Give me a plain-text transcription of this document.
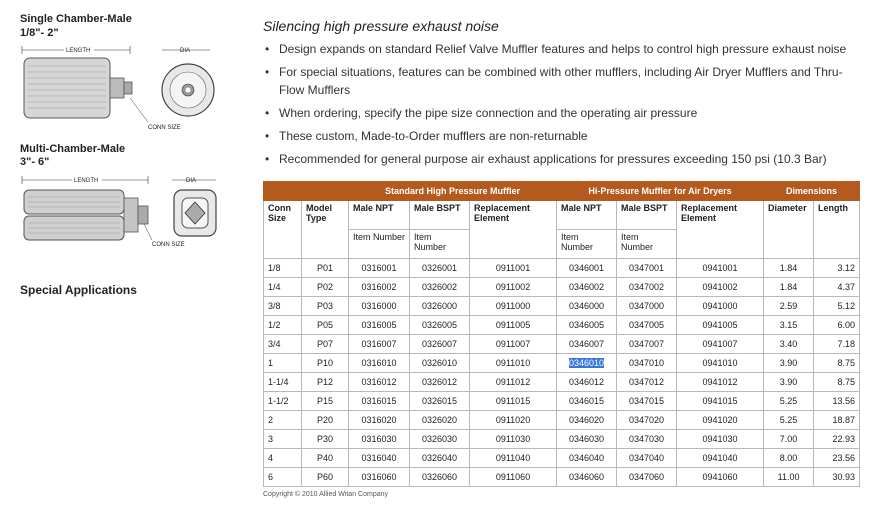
Single Chamber-Male
1/8"- 2"
LENGTH
CONN SIZE
DIA
Multi-Chamber-Male
3"- 6"
LENGTH
CONN SIZE
DIA
Special Applications
Silencing high pressure exhaust noise
• Design expands on standard Relief Valve Muffler features and helps to control high pressure exhaust noise
• For special situations, features can be combined with other mufflers, including Air Dryer Mufflers and Thru-Flow Mufflers
• When ordering, specify the pipe size connection and the operating air pressure
• These custom, Made-to-Order mufflers are non-returnable
• Recommended for general purpose air exhaust applications for pressures exceeding 150 psi (10.3 Bar)
		Standard High Pressure Muffler			Hi-Pressure Muffler for Air Dryers			Dimensions	
Conn Size	Model Type	Male NPT	Male BSPT	Replacement Element	Male NPT	Male BSPT	Replacement Element	Diameter	Length
		Item Number	Item Number		Item Number	Item Number			
1/8	P01	0316001	0326001	0911001	0346001	0347001	0941001	1.84	3.12
1/4	P02	0316002	0326002	0911002	0346002	0347002	0941002	1.84	4.37
3/8	P03	0316000	0326000	0911000	0346000	0347000	0941000	2.59	5.12
1/2	P05	0316005	0326005	0911005	0346005	0347005	0941005	3.15	6.00
3/4	P07	0316007	0326007	0911007	0346007	0347007	0941007	3.40	7.18
1	P10	0316010	0326010	0911010	0346010	0347010	0941010	3.90	8.75
1-1/4	P12	0316012	0326012	0911012	0346012	0347012	0941012	3.90	8.75
1-1/2	P15	0316015	0326015	0911015	0346015	0347015	0941015	5.25	13.56
2	P20	0316020	0326020	0911020	0346020	0347020	0941020	5.25	18.87
3	P30	0316030	0326030	0911030	0346030	0347030	0941030	7.00	22.93
4	P40	0316040	0326040	0911040	0346040	0347040	0941040	8.00	23.56
6	P60	0316060	0326060	0911060	0346060	0347060	0941060	11.00	30.93
Copyright © 2010 Allied Witan Company
